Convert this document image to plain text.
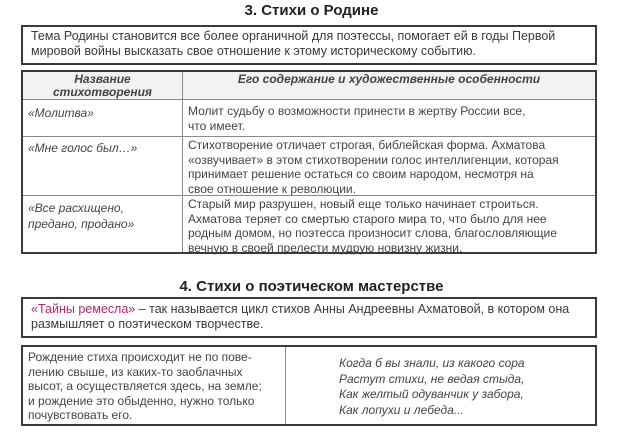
3. Стихи о Родине
Тема Родины становится все более органичной для поэтессы, помогает ей в годы Первой
мировой войны высказать свое отношение к этому историческому событию.
Название
стихотворения
Его содержание и художественные особенности
«Молитва»	Молит судьбу о возможности принести в жертву России все,
что имеет.
«Мне голос был…»	Стихотворение отличает строгая, библейская форма. Ахматова
«озвучивает» в этом стихотворении голос интеллигенции, которая
принимает решение остаться со своим народом, несмотря на
свое отношение к революции.
«Все расхищено,
предано, продано»
Старый мир разрушен, новый еще только начинает строиться.
Ахматова теряет со смертью старого мира то, что было для нее
родным домом, но поэтесса произносит слова, благословляющие
вечную в своей прелести мудрую новизну жизни.
4. Стихи о поэтическом мастерстве
«Тайны ремесла» – так называется цикл стихов Анны Андреевны Ахматовой, в котором она
размышляет о поэтическом творчестве.
Рождение стиха происходит не по пове-
лению свыше, из каких-то заоблачных
высот, а осуществляется здесь, на земле;
и рождение это обыденно, нужно только
почувствовать его.
Когда б вы знали, из какого сора
Растут стихи, не ведая стыда,
Как желтый одуванчик у забора,
Как лопухи и лебеда...
